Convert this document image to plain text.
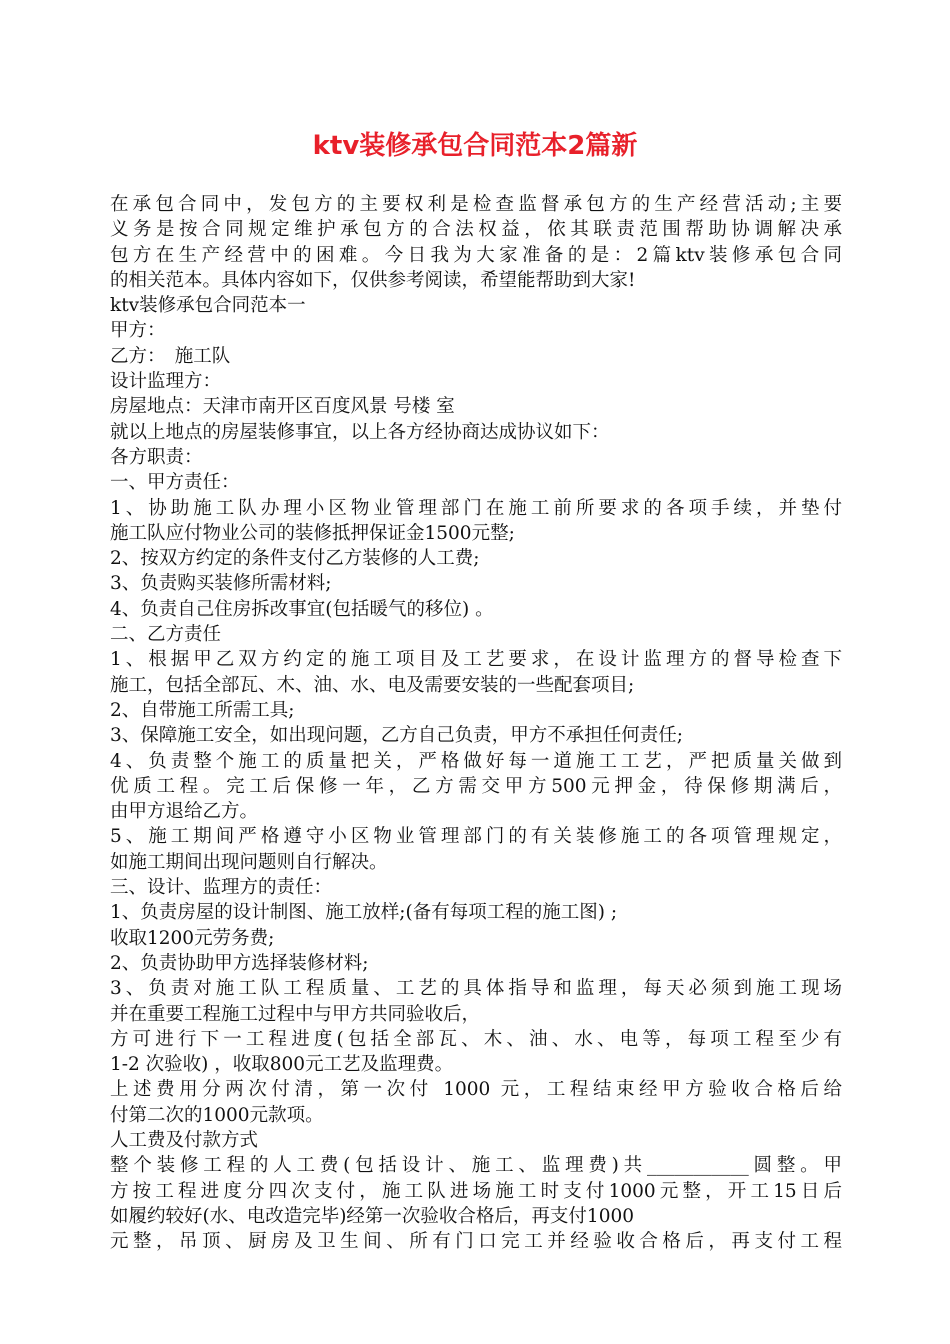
ktv装修承包合同范本2篇新
在承包合同中，发包方的主要权利是检查监督承包方的生产经营活动;主要
义务是按合同规定维护承包方的合法权益，依其联责范围帮助协调解决承
包方在生产经营中的困难。今日我为大家准备的是：2篇ktv装修承包合同
的相关范本。具体内容如下，仅供参考阅读，希望能帮助到大家!
ktv装修承包合同范本一
甲方：
乙方：　施工队
设计监理方：
房屋地点：天津市南开区百度风景 号楼 室
就以上地点的房屋装修事宜，以上各方经协商达成协议如下：
各方职责：
一、甲方责任：
1、协助施工队办理小区物业管理部门在施工前所要求的各项手续，并垫付
施工队应付物业公司的装修抵押保证金1500元整;
2、按双方约定的条件支付乙方装修的人工费;
3、负责购买装修所需材料;
4、负责自己住房拆改事宜(包括暖气的移位) 。
二、乙方责任
1、根据甲乙双方约定的施工项目及工艺要求，在设计监理方的督导检查下
施工，包括全部瓦、木、油、水、电及需要安装的一些配套项目;
2、自带施工所需工具;
3、保障施工安全，如出现问题，乙方自己负责，甲方不承担任何责任;
4、负责整个施工的质量把关，严格做好每一道施工工艺，严把质量关做到
优质工程。完工后保修一年，乙方需交甲方500元押金，待保修期满后，
由甲方退给乙方。
5、施工期间严格遵守小区物业管理部门的有关装修施工的各项管理规定，
如施工期间出现问题则自行解决。
三、设计、监理方的责任：
1、负责房屋的设计制图、施工放样;(备有每项工程的施工图) ;
收取1200元劳务费;
2、负责协助甲方选择装修材料;
3、负责对施工队工程质量、工艺的具体指导和监理，每天必须到施工现场
并在重要工程施工过程中与甲方共同验收后，
方可进行下一工程进度(包括全部瓦、木、油、水、电等，每项工程至少有
1-2 次验收) ，收取800元工艺及监理费。
上述费用分两次付清，第一次付 1000 元，工程结束经甲方验收合格后给
付第二次的1000元款项。
人工费及付款方式
整个装修工程的人工费(包括设计、施工、监理费)共___________圆整。甲
方按工程进度分四次支付，施工队进场施工时支付1000元整，开工15日后
如履约较好(水、电改造完毕)经第一次验收合格后，再支付1000
元整，吊顶、厨房及卫生间、所有门口完工并经验收合格后，再支付工程
